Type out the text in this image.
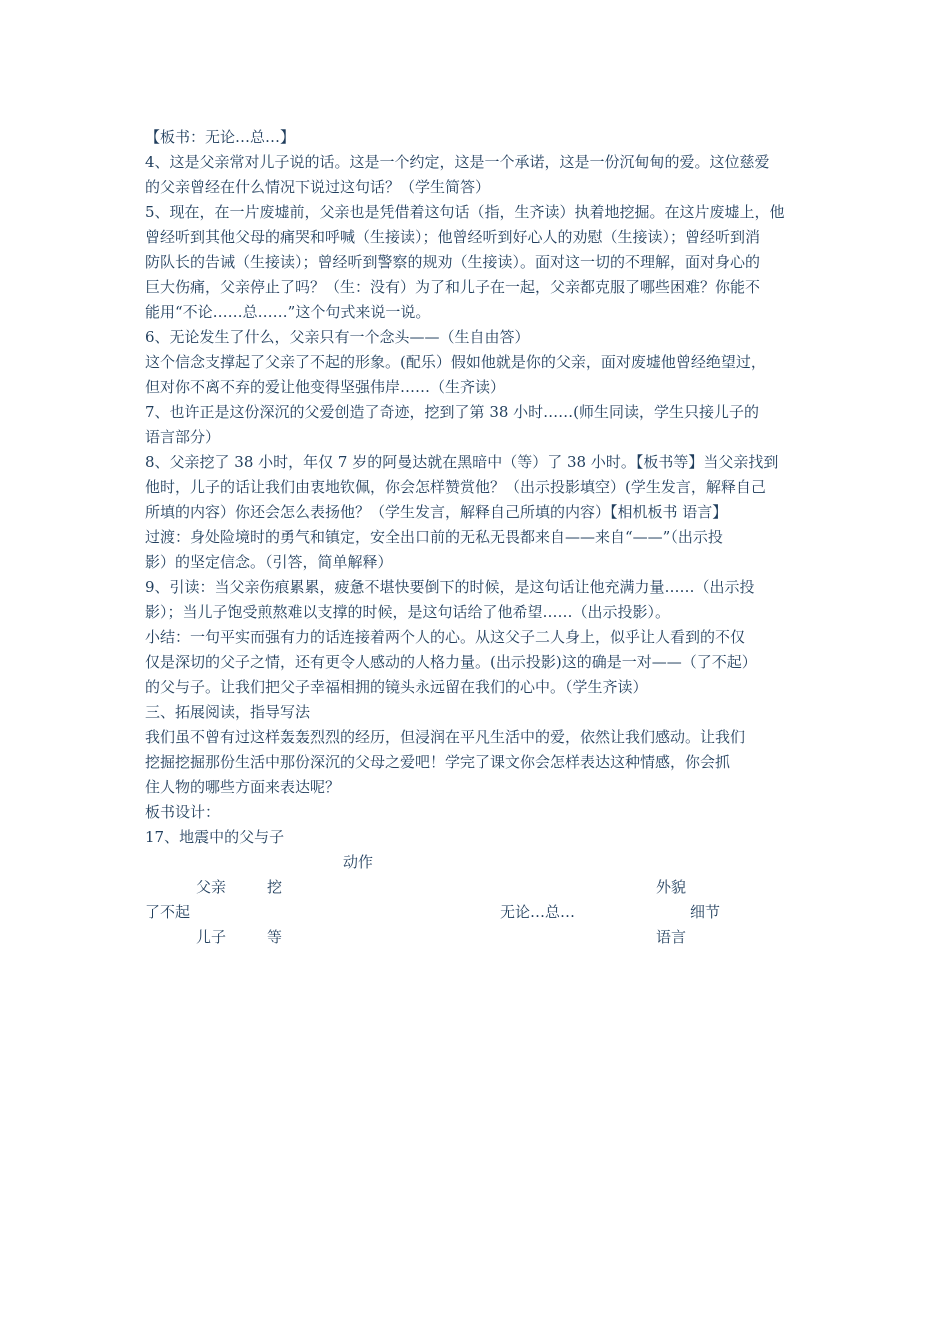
【板书：无论…总…】
4、这是父亲常对儿子说的话。这是一个约定，这是一个承诺，这是一份沉甸甸的爱。这位慈爱
的父亲曾经在什么情况下说过这句话？（学生简答）
5、现在，在一片废墟前，父亲也是凭借着这句话（指，生齐读）执着地挖掘。在这片废墟上，他
曾经听到其他父母的痛哭和呼喊（生接读）；他曾经听到好心人的劝慰（生接读）；曾经听到消
防队长的告诫（生接读）；曾经听到警察的规劝（生接读）。面对这一切的不理解，面对身心的
巨大伤痛，父亲停止了吗？（生：没有）为了和儿子在一起，父亲都克服了哪些困难？你能不
能用“不论……总……”这个句式来说一说。
6、无论发生了什么，父亲只有一个念头——（生自由答）
这个信念支撑起了父亲了不起的形象。(配乐）假如他就是你的父亲，面对废墟他曾经绝望过，
但对你不离不弃的爱让他变得坚强伟岸……（生齐读）
7、也许正是这份深沉的父爱创造了奇迹，挖到了第 38 小时……(师生同读，学生只接儿子的
语言部分）
8、父亲挖了 38 小时，年仅 7 岁的阿曼达就在黑暗中（等）了 38 小时。【板书等】当父亲找到
他时，儿子的话让我们由衷地钦佩，你会怎样赞赏他？（出示投影填空）(学生发言，解释自己
所填的内容）你还会怎么表扬他？（学生发言，解释自己所填的内容）【相机板书 语言】
过渡：身处险境时的勇气和镇定，安全出口前的无私无畏都来自——来自“——”（出示投
影）的坚定信念。（引答，简单解释）
9、引读：当父亲伤痕累累，疲惫不堪快要倒下的时候，是这句话让他充满力量……（出示投
影）；当儿子饱受煎熬难以支撑的时候，是这句话给了他希望……（出示投影）。
小结：一句平实而强有力的话连接着两个人的心。从这父子二人身上，似乎让人看到的不仅
仅是深切的父子之情，还有更令人感动的人格力量。(出示投影)这的确是一对——（了不起）
的父与子。让我们把父子幸福相拥的镜头永远留在我们的心中。（学生齐读）
三、拓展阅读，指导写法
我们虽不曾有过这样轰轰烈烈的经历，但浸润在平凡生活中的爱，依然让我们感动。让我们
挖掘挖掘那份生活中那份深沉的父母之爱吧！学完了课文你会怎样表达这种情感，你会抓
住人物的哪些方面来表达呢？
板书设计：
17、地震中的父与子
动作
父亲	挖	外貌
了不起	无论…总…	细节
儿子	等	语言
